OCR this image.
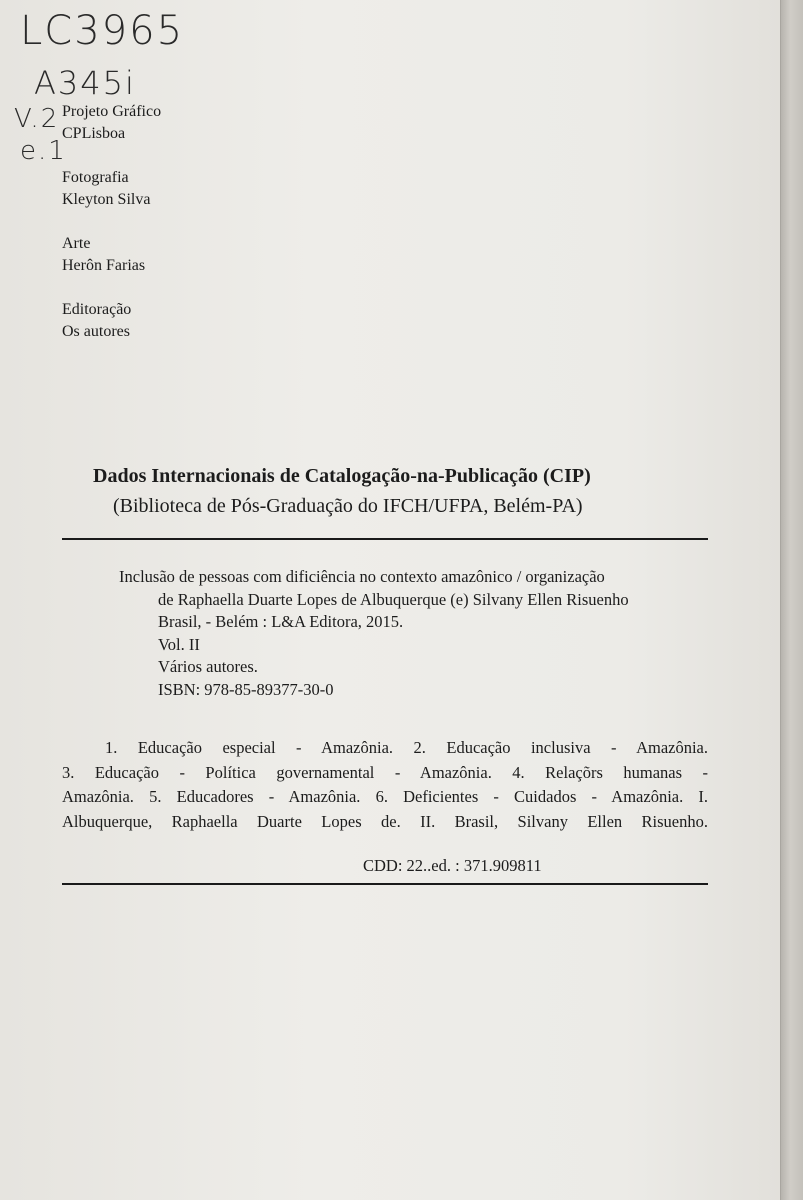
LC3965
A345i
V.2
e.1
Projeto Gráfico
CPLisboa
Fotografia
Kleyton Silva
Arte
Herôn Farias
Editoração
Os autores
Dados Internacionais de Catalogação-na-Publicação (CIP)
(Biblioteca de Pós-Graduação do IFCH/UFPA, Belém-PA)
Inclusão de pessoas com dificiência no contexto amazônico / organização
de Raphaella Duarte Lopes de Albuquerque (e) Silvany Ellen Risuenho
Brasil, - Belém : L&A Editora, 2015.
Vol. II
Vários autores.
ISBN: 978-85-89377-30-0
1. Educação especial - Amazônia. 2. Educação inclusiva - Amazônia.
3. Educação - Política governamental - Amazônia. 4. Relaçõrs humanas -
Amazônia. 5. Educadores - Amazônia. 6. Deficientes - Cuidados - Amazônia. I.
Albuquerque, Raphaella Duarte Lopes de. II. Brasil, Silvany Ellen Risuenho.
CDD: 22..ed. : 371.909811
